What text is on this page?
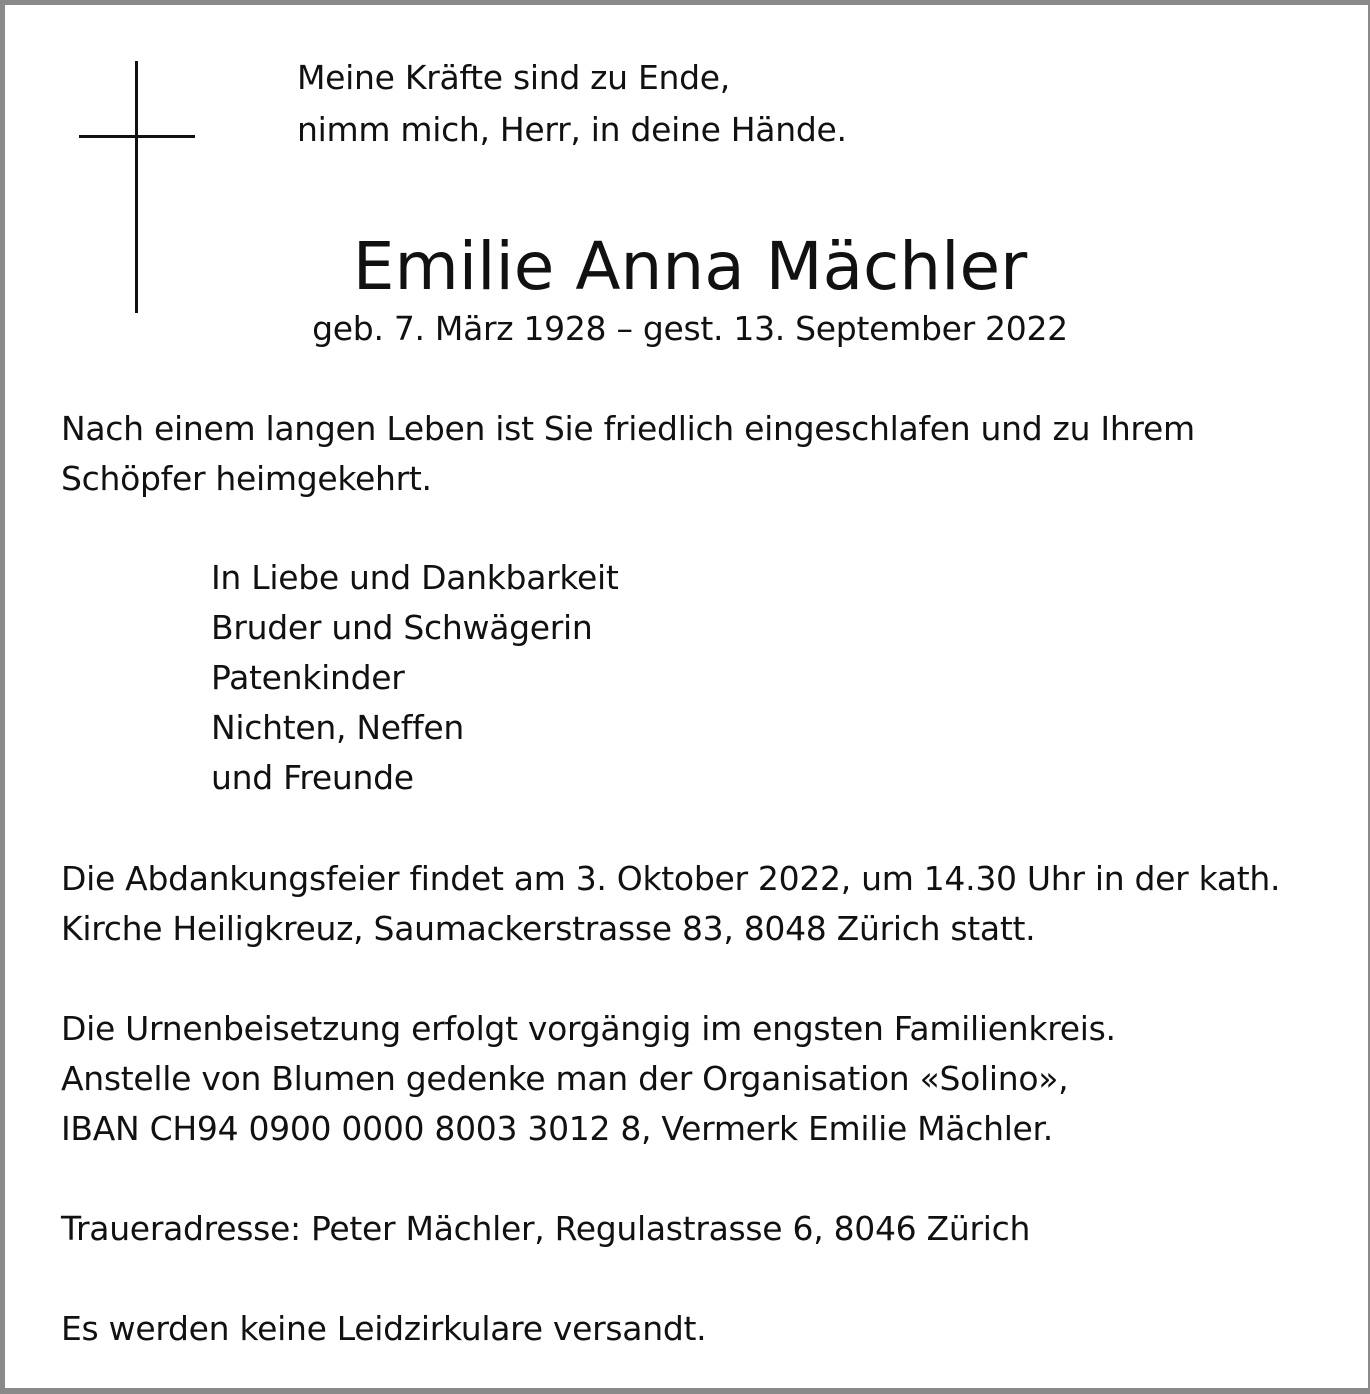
Meine Kräfte sind zu Ende,
nimm mich, Herr, in deine Hände.
Emilie Anna Mächler
geb. 7. März 1928 – gest. 13. September 2022
Nach einem langen Leben ist Sie friedlich eingeschlafen und zu Ihrem
Schöpfer heimgekehrt.
In Liebe und Dankbarkeit
Bruder und Schwägerin
Patenkinder
Nichten, Neffen
und Freunde
Die Abdankungsfeier findet am 3. Oktober 2022, um 14.30 Uhr in der kath.
Kirche Heiligkreuz, Saumackerstrasse 83, 8048 Zürich statt.
Die Urnenbeisetzung erfolgt vorgängig im engsten Familienkreis.
Anstelle von Blumen gedenke man der Organisation «Solino»,
IBAN CH94 0900 0000 8003 3012 8, Vermerk Emilie Mächler.
Traueradresse: Peter Mächler, Regulastrasse 6, 8046 Zürich
Es werden keine Leidzirkulare versandt.
